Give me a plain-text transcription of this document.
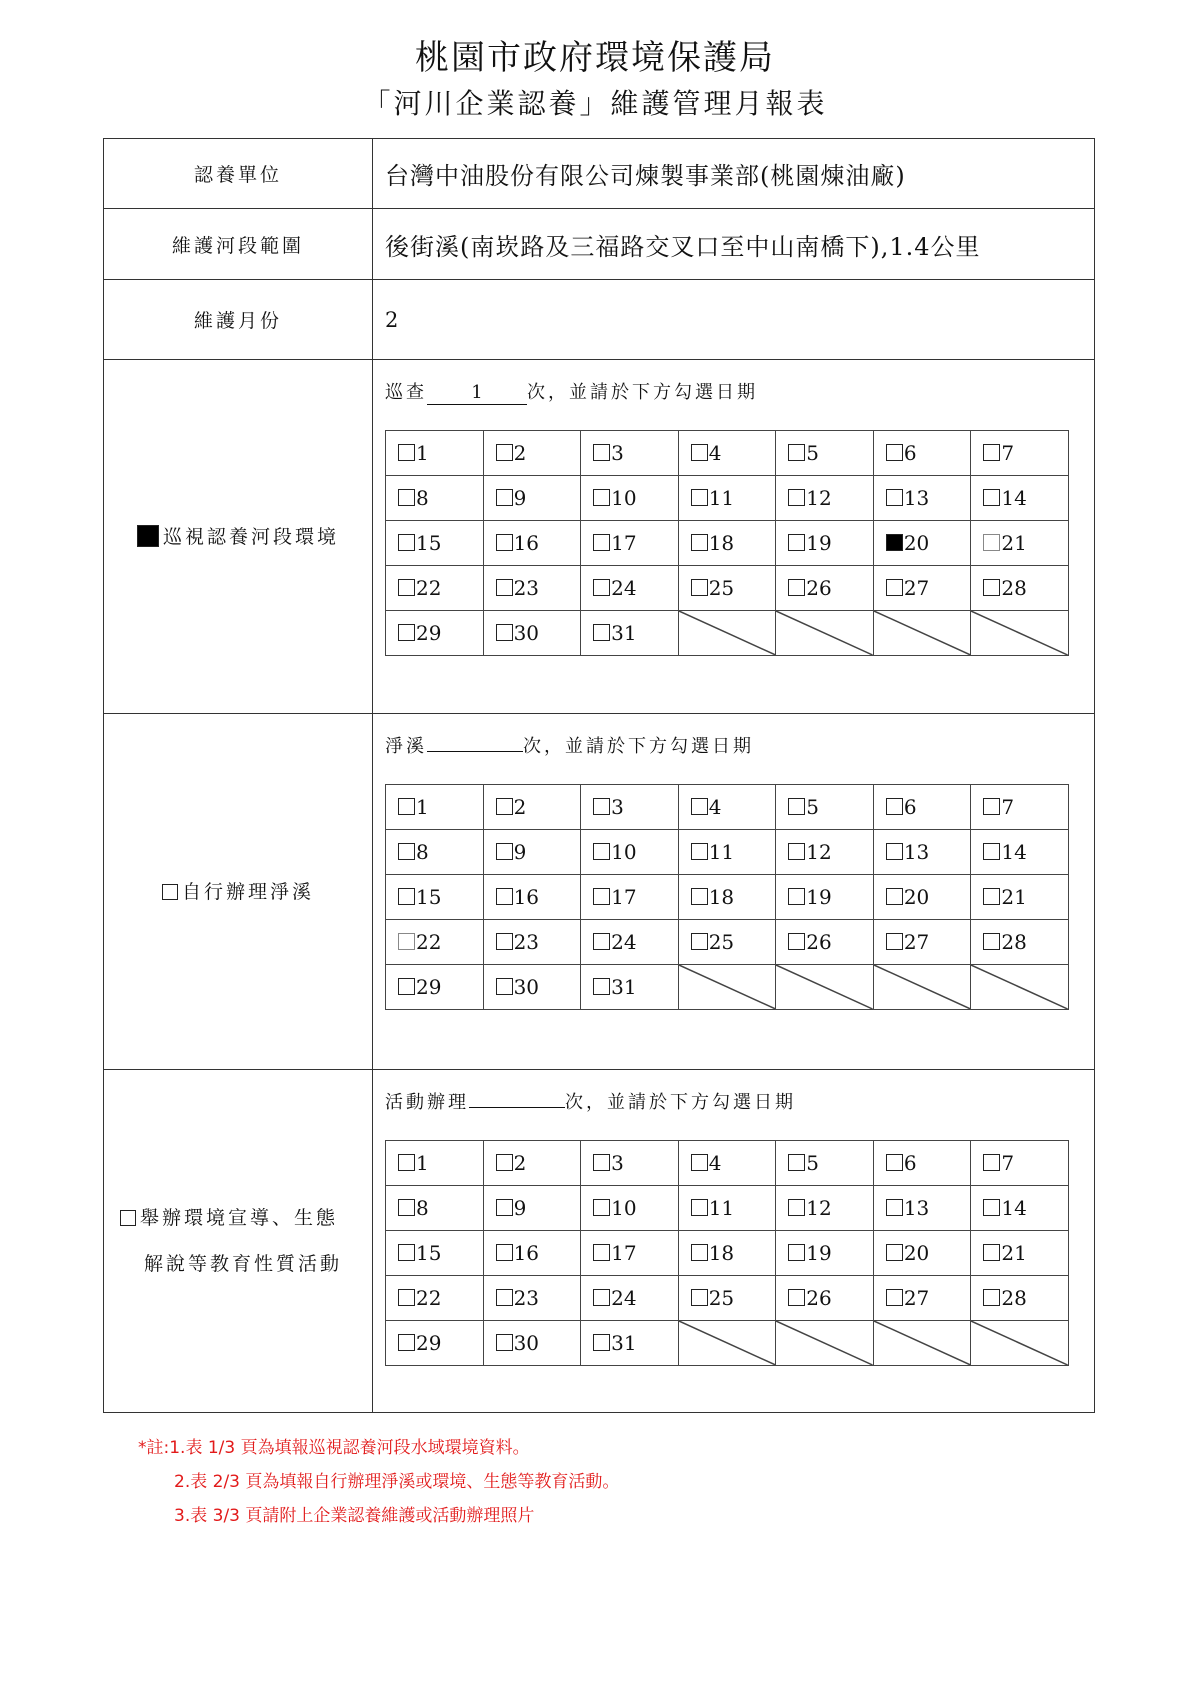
桃園市政府環境保護局
「河川企業認養」維護管理月報表
認養單位	台灣中油股份有限公司煉製事業部(桃園煉油廠)
維護河段範圍	後街溪(南崁路及三福路交叉口至中山南橋下),1.4公里
維護月份	2
巡視認養河段環境	
巡查 1 次，並請於下方勾選日期
1	2	3	4	5	6	7
8	9	10	11	12	13	14
15	16	17	18	19	20	21
22	23	24	25	26	27	28
29	30	31	

自行辦理淨溪	
淨溪	次，並請於下方勾選日期
1	2	3	4	5	6	7
8	9	10	11	12	13	14
15	16	17	18	19	20	21
22	23	24	25	26	27	28
29	30	31	

舉辦環境宣導、生態
解說等教育性質活動

活動辦理	次，並請於下方勾選日期
1	2	3	4	5	6	7
8	9	10	11	12	13	14
15	16	17	18	19	20	21
22	23	24	25	26	27	28
29	30	31	

*註:1.表 1/3 頁為填報巡視認養河段水域環境資料。
2.表 2/3 頁為填報自行辦理淨溪或環境、生態等教育活動。
3.表 3/3 頁請附上企業認養維護或活動辦理照片
